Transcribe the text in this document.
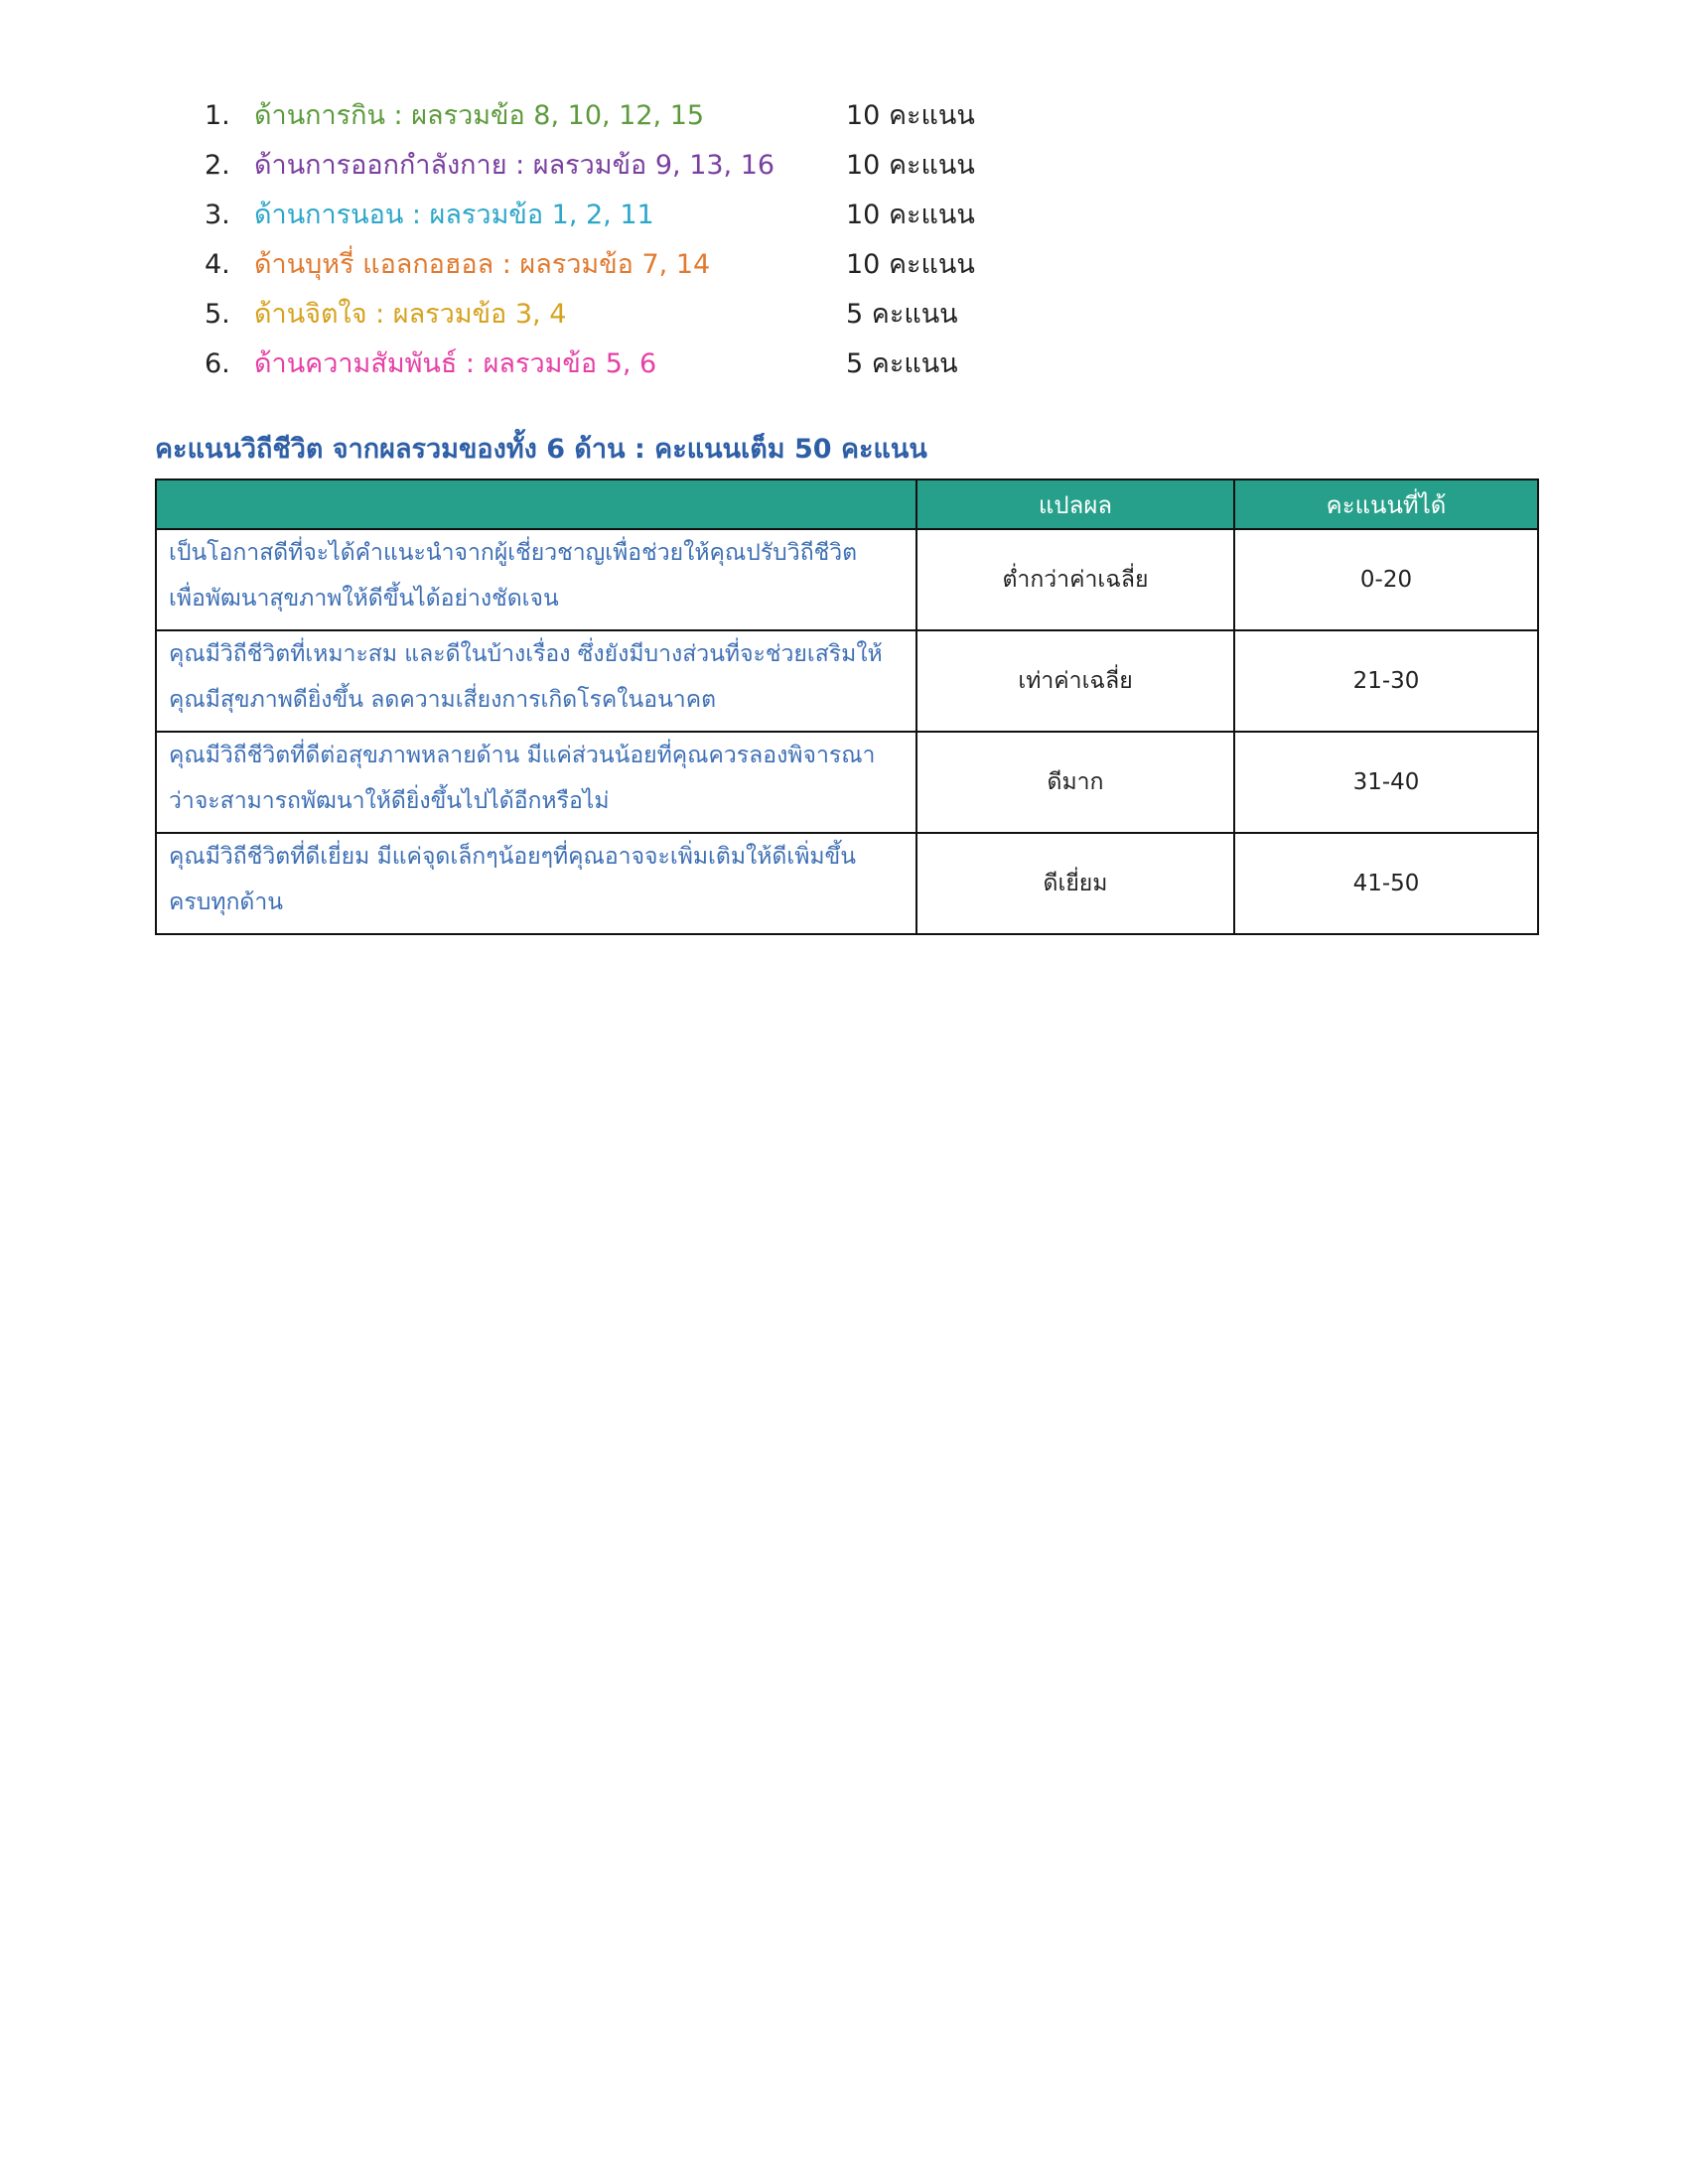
1. ด้านการกิน : ผลรวมข้อ 8, 10, 12, 15	10 คะแนน
2. ด้านการออกกำลังกาย : ผลรวมข้อ 9, 13, 16	10 คะแนน
3. ด้านการนอน : ผลรวมข้อ 1, 2, 11	10 คะแนน
4. ด้านบุหรี่ แอลกอฮอล : ผลรวมข้อ 7, 14	10 คะแนน
5. ด้านจิตใจ : ผลรวมข้อ 3, 4	5 คะแนน
6. ด้านความสัมพันธ์ : ผลรวมข้อ 5, 6	5 คะแนน
คะแนนวิถีชีวิต จากผลรวมของทั้ง 6 ด้าน : คะแนนเต็ม 50 คะแนน
	แปลผล	คะแนนที่ได้

เป็นโอกาสดีที่จะได้คำแนะนำจากผู้เชี่ยวชาญเพื่อช่วยให้คุณปรับวิถีชีวิต
เพื่อพัฒนาสุขภาพให้ดีขึ้นได้อย่างชัดเจน	ต่ำกว่าค่าเฉลี่ย	0-20

คุณมีวิถีชีวิตที่เหมาะสม และดีในบ้างเรื่อง ซึ่งยังมีบางส่วนที่จะช่วยเสริมให้
คุณมีสุขภาพดียิ่งขึ้น ลดความเสี่ยงการเกิดโรคในอนาคต	เท่าค่าเฉลี่ย	21-30

คุณมีวิถีชีวิตที่ดีต่อสุขภาพหลายด้าน มีแค่ส่วนน้อยที่คุณควรลองพิจารณา
ว่าจะสามารถพัฒนาให้ดียิ่งขึ้นไปได้อีกหรือไม่	ดีมาก	31-40

คุณมีวิถีชีวิตที่ดีเยี่ยม มีแค่จุดเล็กๆน้อยๆที่คุณอาจจะเพิ่มเติมให้ดีเพิ่มขึ้น
ครบทุกด้าน	ดีเยี่ยม	41-50
